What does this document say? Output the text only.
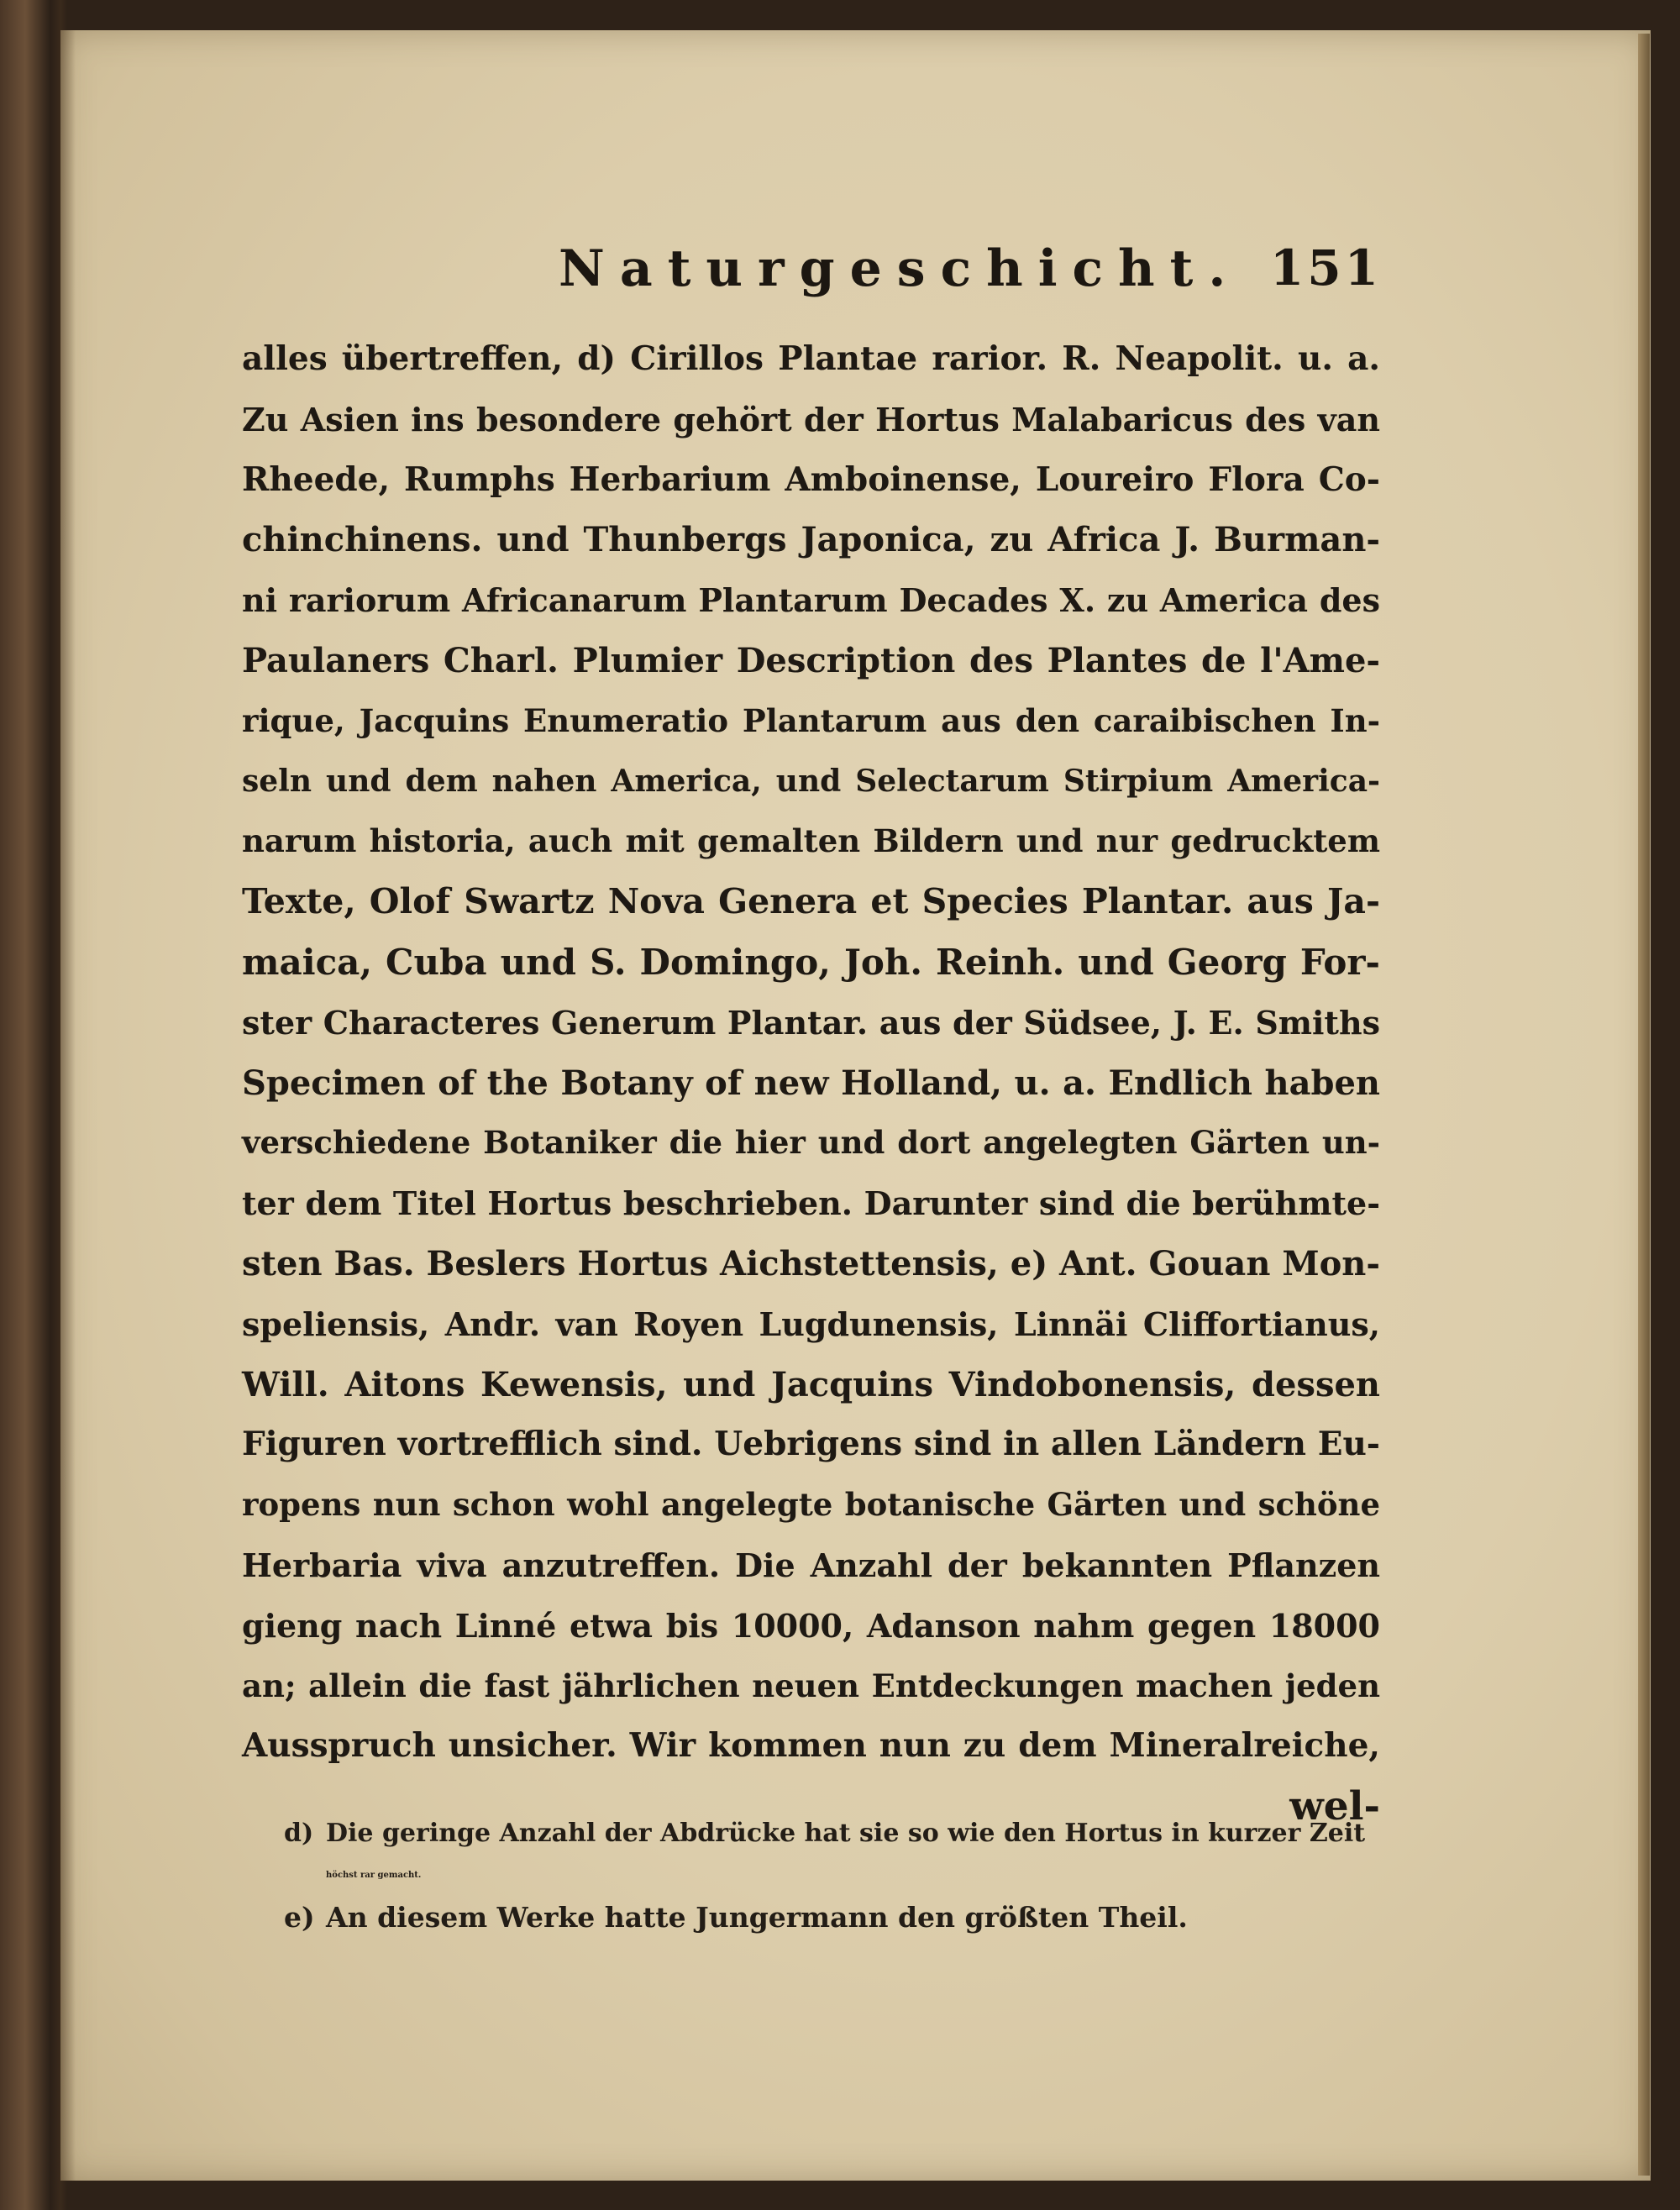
Naturgeschicht. 151
alles übertreffen, d) Cirillos Plantae rarior. R. Neapolit. u. a.
Zu Asien ins besondere gehört der Hortus Malabaricus des van
Rheede, Rumphs Herbarium Amboinense, Loureiro Flora Co-
chinchinens. und Thunbergs Japonica, zu Africa J. Burman-
ni rariorum Africanarum Plantarum Decades X. zu America des
Paulaners Charl. Plumier Description des Plantes de l'Ame-
rique, Jacquins Enumeratio Plantarum aus den caraibischen In-
seln und dem nahen America, und Selectarum Stirpium America-
narum historia, auch mit gemalten Bildern und nur gedrucktem
Texte, Olof Swartz Nova Genera et Species Plantar. aus Ja-
maica, Cuba und S. Domingo, Joh. Reinh. und Georg For-
ster Characteres Generum Plantar. aus der Südsee, J. E. Smiths
Specimen of the Botany of new Holland, u. a. Endlich haben
verschiedene Botaniker die hier und dort angelegten Gärten un-
ter dem Titel Hortus beschrieben. Darunter sind die berühmte-
sten Bas. Beslers Hortus Aichstettensis, e) Ant. Gouan Mon-
speliensis, Andr. van Royen Lugdunensis, Linnäi Cliffortianus,
Will. Aitons Kewensis, und Jacquins Vindobonensis, dessen
Figuren vortrefflich sind. Uebrigens sind in allen Ländern Eu-
ropens nun schon wohl angelegte botanische Gärten und schöne
Herbaria viva anzutreffen. Die Anzahl der bekannten Pflanzen
gieng nach Linné etwa bis 10000, Adanson nahm gegen 18000
an; allein die fast jährlichen neuen Entdeckungen machen jeden
Ausspruch unsicher. Wir kommen nun zu dem Mineralreiche,
wel-
d) Die geringe Anzahl der Abdrücke hat sie so wie den Hortus in kurzer Zeit
höchst rar gemacht.
e) An diesem Werke hatte Jungermann den größten Theil.
